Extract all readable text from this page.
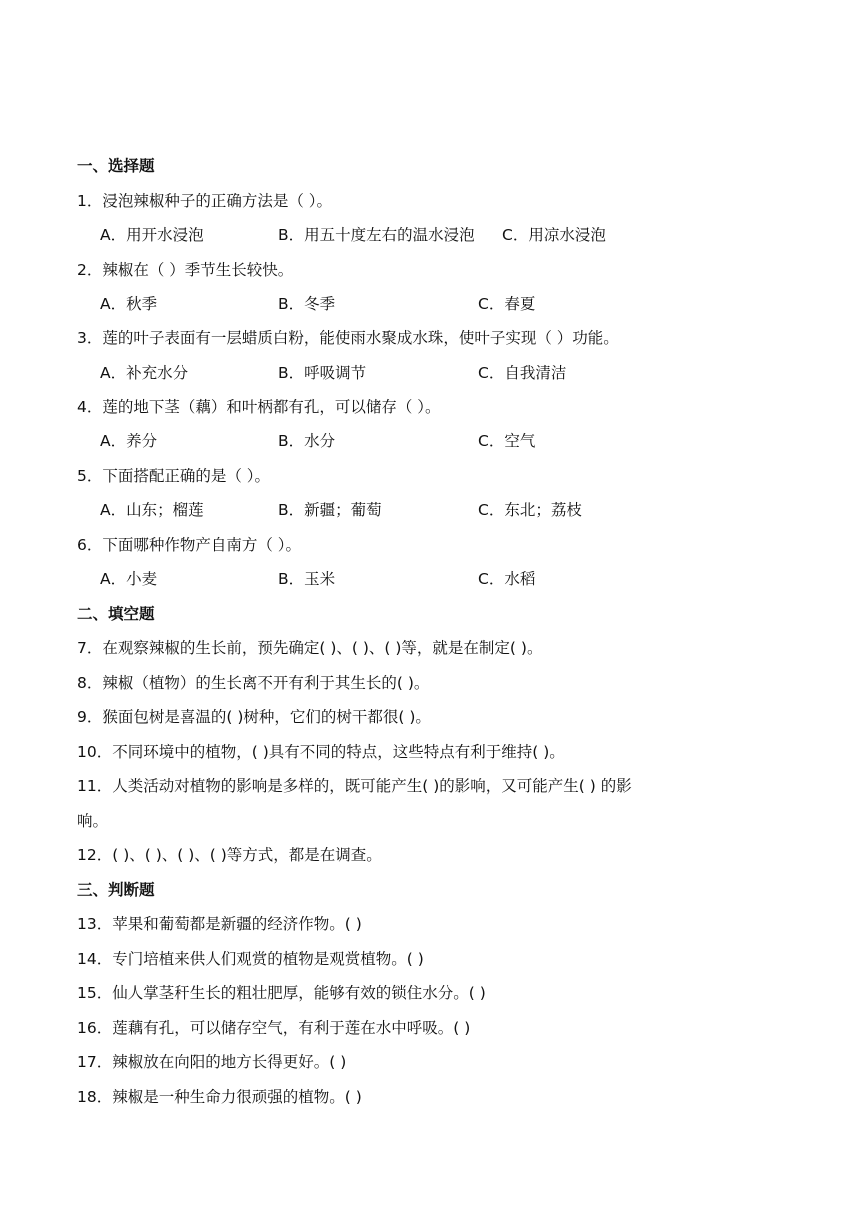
一、选择题
1．浸泡辣椒种子的正确方法是（ ）。
A．用开水浸泡	B．用五十度左右的温水浸泡 C．用凉水浸泡
2．辣椒在（ ）季节生长较快。
A．秋季	B．冬季	C．春夏
3．莲的叶子表面有一层蜡质白粉，能使雨水聚成水珠，使叶子实现（ ）功能。
A．补充水分	B．呼吸调节	C．自我清洁
4．莲的地下茎（藕）和叶柄都有孔，可以储存（ ）。
A．养分	B．水分	C．空气
5．下面搭配正确的是（ ）。
A．山东；榴莲	B．新疆；葡萄	C．东北；荔枝
6．下面哪种作物产自南方（ ）。
A．小麦	B．玉米	C．水稻
二、填空题
7．在观察辣椒的生长前，预先确定( )、( )、( )等，就是在制定( )。
8．辣椒（植物）的生长离不开有利于其生长的( )。
9．猴面包树是喜温的( )树种，它们的树干都很( )。
10．不同环境中的植物，( )具有不同的特点，这些特点有利于维持( )。
11．人类活动对植物的影响是多样的，既可能产生( )的影响，又可能产生( ) 的影
响。
12．( )、( )、( )、( )等方式，都是在调查。
三、判断题
13．苹果和葡萄都是新疆的经济作物。( )
14．专门培植来供人们观赏的植物是观赏植物。( )
15．仙人掌茎秆生长的粗壮肥厚，能够有效的锁住水分。( )
16．莲藕有孔，可以储存空气，有利于莲在水中呼吸。( )
17．辣椒放在向阳的地方长得更好。( )
18．辣椒是一种生命力很顽强的植物。( )
